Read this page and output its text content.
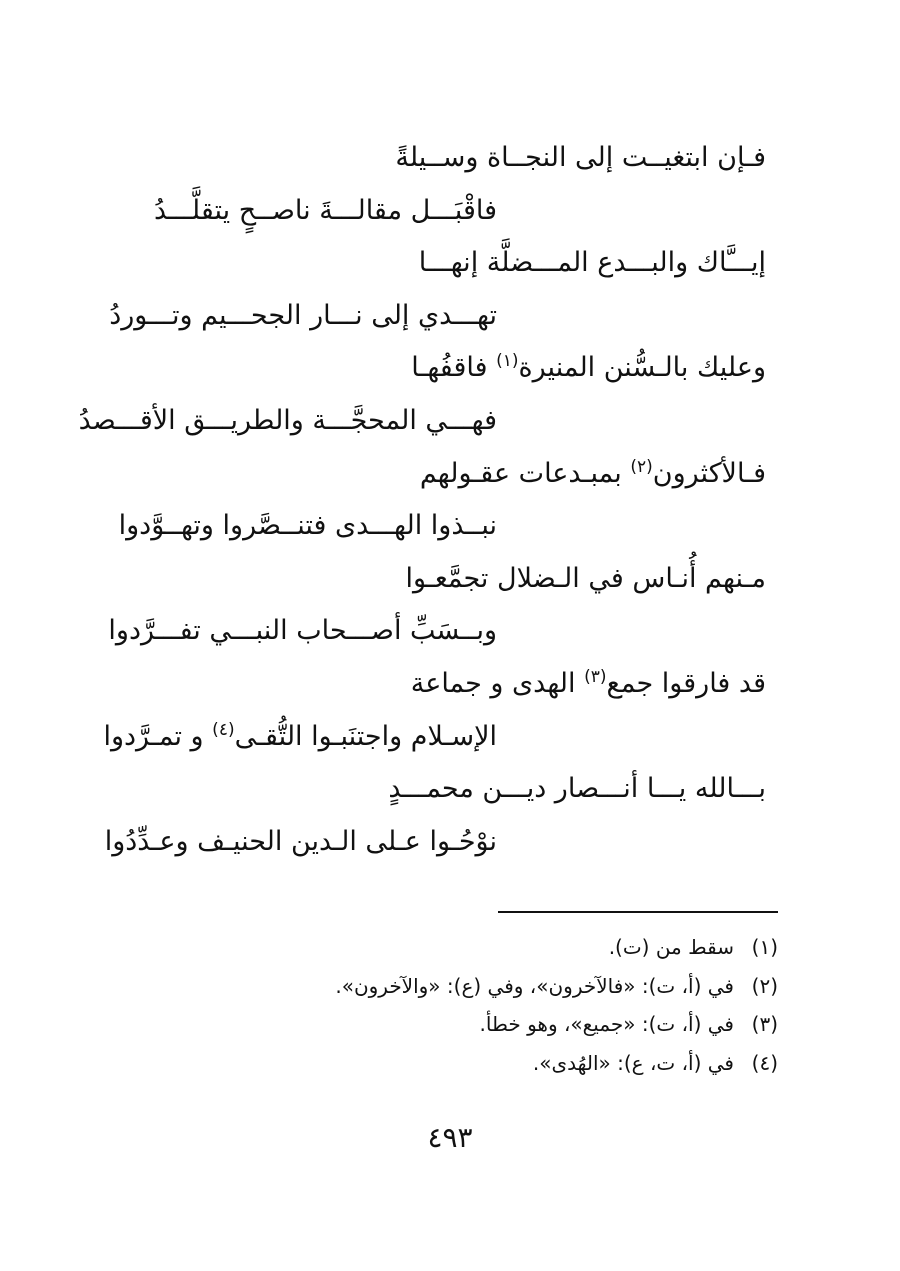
فـإن ابتغيــت إلى النجــاة وســيلةً
فاقْبَـــل مقالـــةَ ناصــحٍ يتقلَّـــدُ
إيـــَّاك والبـــدع المـــضلَّة إنهـــا
تهـــدي إلى نـــار الجحـــيم وتـــوردُ
وعليك بالـسُّنن المنيرة$^{(١)}$ فاقفُهـا
فهـــي المحجَّـــة والطريـــق الأقـــصدُ
فـالأكثرون$^{(٢)}$ بمبـدعات عقـولهم
نبــذوا الهـــدى فتنــصَّروا وتهــوَّدوا
مـنهم أُنـاس في الـضلال تجمَّعـوا
وبــسَبِّ أصـــحاب النبـــي تفـــرَّدوا
قد فارقوا جمع$^{(٣)}$ الهدى و جماعة
الإسـلام واجتنَبـوا التُّقـى$^{(٤)}$ و تمـرَّدوا
بـــالله يـــا أنـــصار ديـــن محمـــدٍ
نوْحُـوا عـلى الـدين الحنيـف وعـدِّدُوا
(١)سقط من (ت).
(٢)في (أ، ت): «فالآخرون»، وفي (ع): «والآخرون».
(٣)في (أ، ت): «جميع»، وهو خطأ.
(٤)في (أ، ت، ع): «الهُدى».
٤٩٣
